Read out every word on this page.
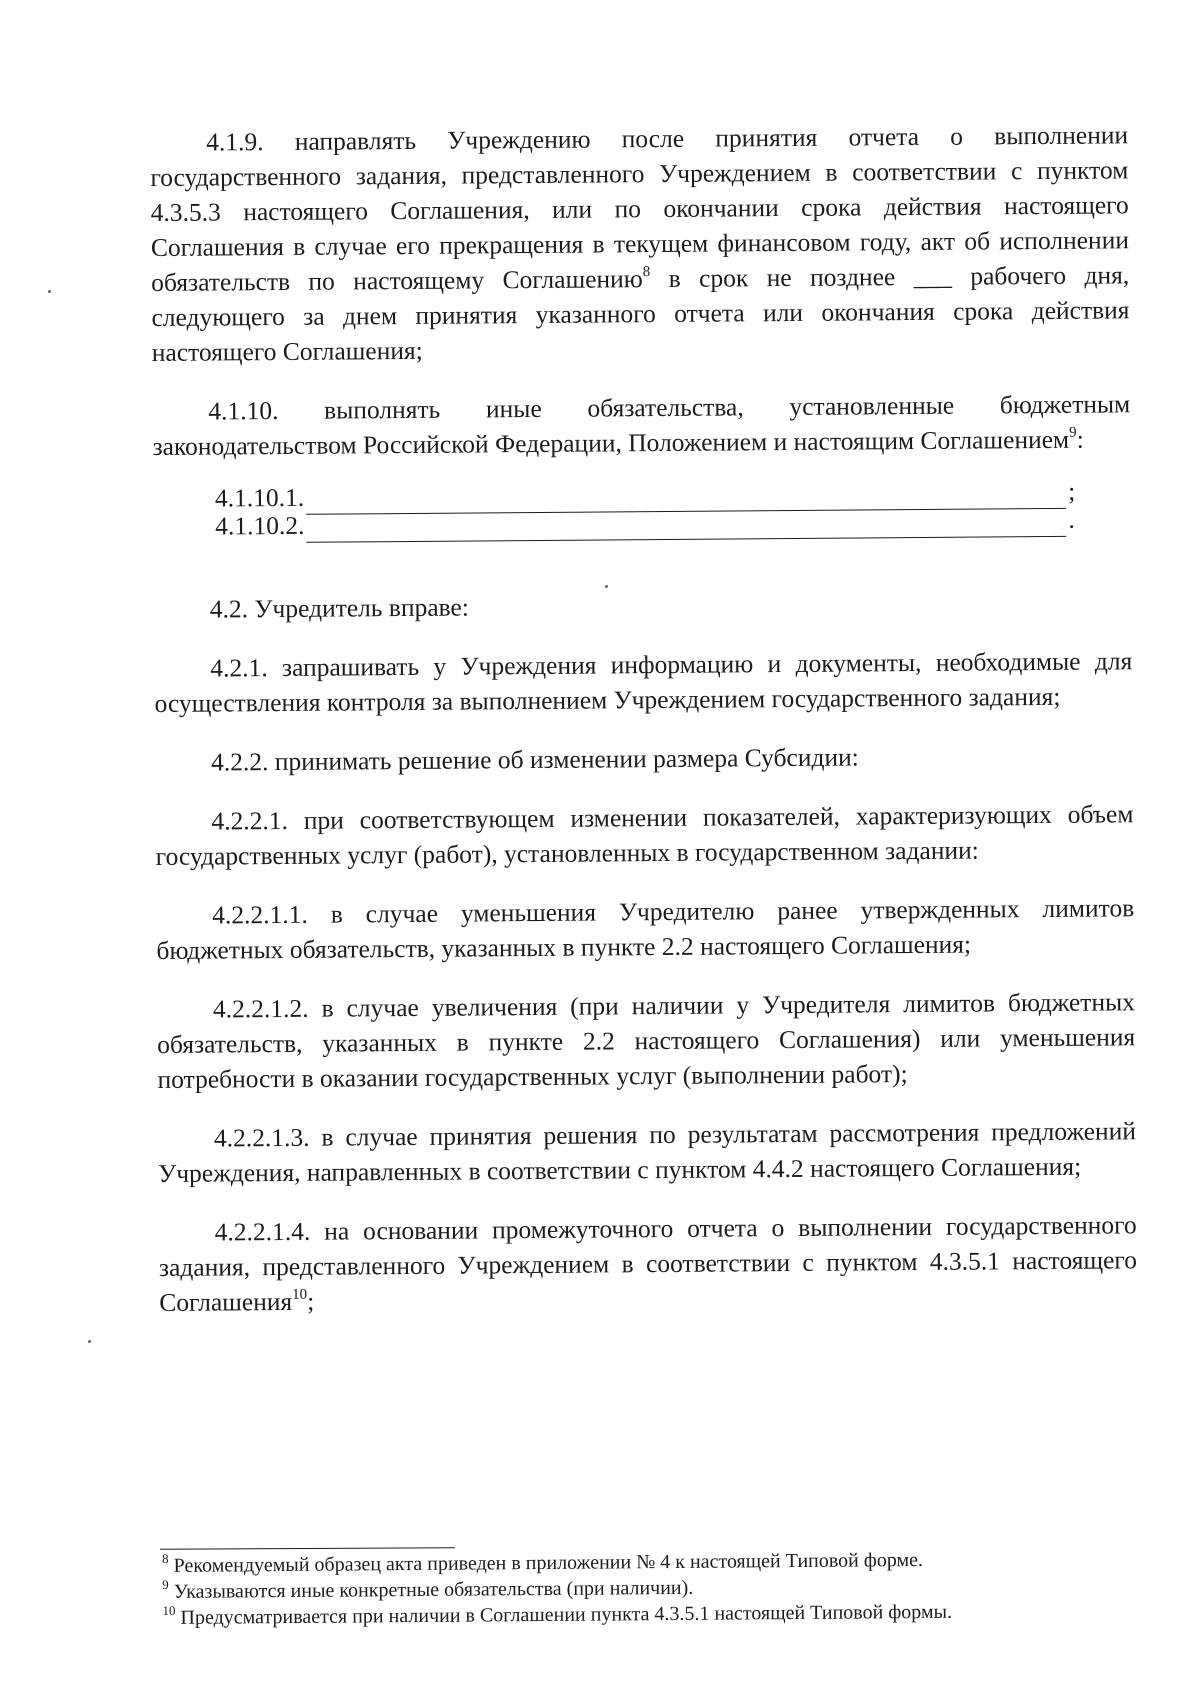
4.1.9. направлять Учреждению после принятия отчета о выполнении государственного задания, представленного Учреждением в соответствии с пунктом 4.3.5.3 настоящего Соглашения, или по окончании срока действия настоящего Соглашения в случае его прекращения в текущем финансовом году, акт об исполнении обязательств по настоящему Соглашению$^8$ в срок не позднее ___ рабочего дня, следующего за днем принятия указанного отчета или окончания срока действия настоящего Соглашения;

4.1.10. выполнять иные обязательства, установленные бюджетным законодательством Российской Федерации, Положением и настоящим Соглашением$^9$:

4.1.10.1.	;
4.1.10.2.	.

4.2. Учредитель вправе:

4.2.1. запрашивать у Учреждения информацию и документы, необходимые для осуществления контроля за выполнением Учреждением государственного задания;

4.2.2. принимать решение об изменении размера Субсидии:

4.2.2.1. при соответствующем изменении показателей, характеризующих объем государственных услуг (работ), установленных в государственном задании:

4.2.2.1.1. в случае уменьшения Учредителю ранее утвержденных лимитов бюджетных обязательств, указанных в пункте 2.2 настоящего Соглашения;

4.2.2.1.2. в случае увеличения (при наличии у Учредителя лимитов бюджетных обязательств, указанных в пункте 2.2 настоящего Соглашения) или уменьшения потребности в оказании государственных услуг (выполнении работ);

4.2.2.1.3. в случае принятия решения по результатам рассмотрения предложений Учреждения, направленных в соответствии с пунктом 4.4.2 настоящего Соглашения;

4.2.2.1.4. на основании промежуточного отчета о выполнении государственного задания, представленного Учреждением в соответствии с пунктом 4.3.5.1 настоящего Соглашения$^{10}$;

$^8$ Рекомендуемый образец акта приведен в приложении № 4 к настоящей Типовой форме.

$^9$ Указываются иные конкретные обязательства (при наличии).

$^{10}$ Предусматривается при наличии в Соглашении пункта 4.3.5.1 настоящей Типовой формы.
